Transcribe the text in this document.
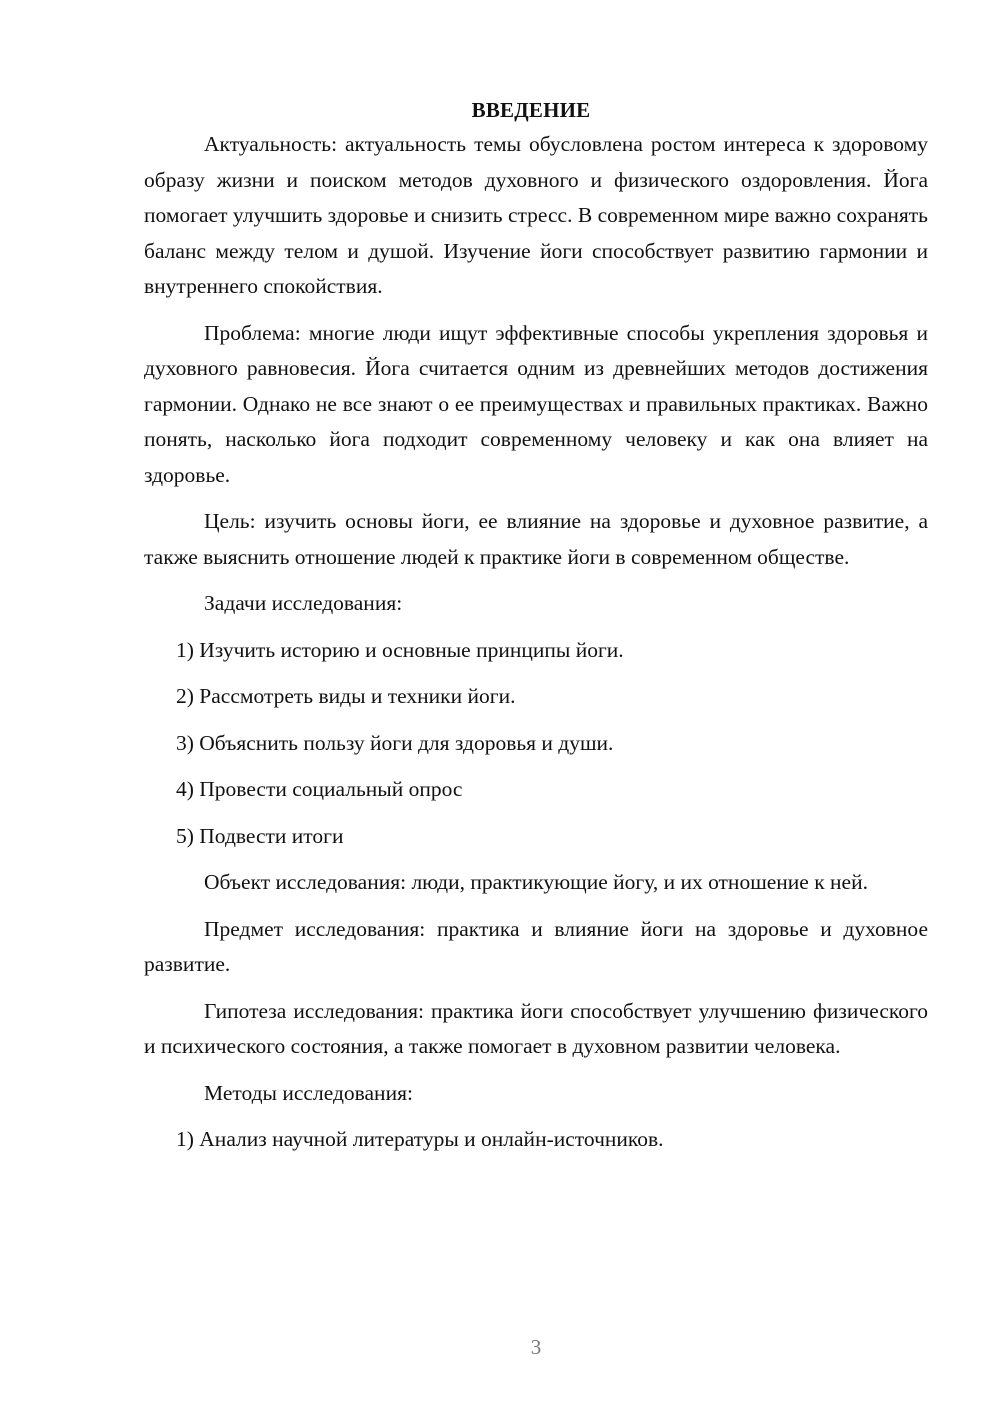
ВВЕДЕНИЕ

Актуальность: актуальность темы обусловлена ростом интереса к здоровому образу жизни и поиском методов духовного и физического оздоровления. Йога помогает улучшить здоровье и снизить стресс. В современном мире важно сохранять баланс между телом и душой. Изучение йоги способствует развитию гармонии и внутреннего спокойствия.

Проблема: многие люди ищут эффективные способы укрепления здоровья и духовного равновесия. Йога считается одним из древнейших методов достижения гармонии. Однако не все знают о ее преимуществах и правильных практиках. Важно понять, насколько йога подходит современному человеку и как она влияет на здоровье.

Цель: изучить основы йоги, ее влияние на здоровье и духовное развитие, а также выяснить отношение людей к практике йоги в современном обществе.

Задачи исследования:

1) Изучить историю и основные принципы йоги.

2) Рассмотреть виды и техники йоги.

3) Объяснить пользу йоги для здоровья и души.

4) Провести социальный опрос

5) Подвести итоги

Объект исследования: люди, практикующие йогу, и их отношение к ней.

Предмет исследования: практика и влияние йоги на здоровье и духовное развитие.

Гипотеза исследования: практика йоги способствует улучшению физического и психического состояния, а также помогает в духовном развитии человека.

Методы исследования:

1) Анализ научной литературы и онлайн-источников.

3
